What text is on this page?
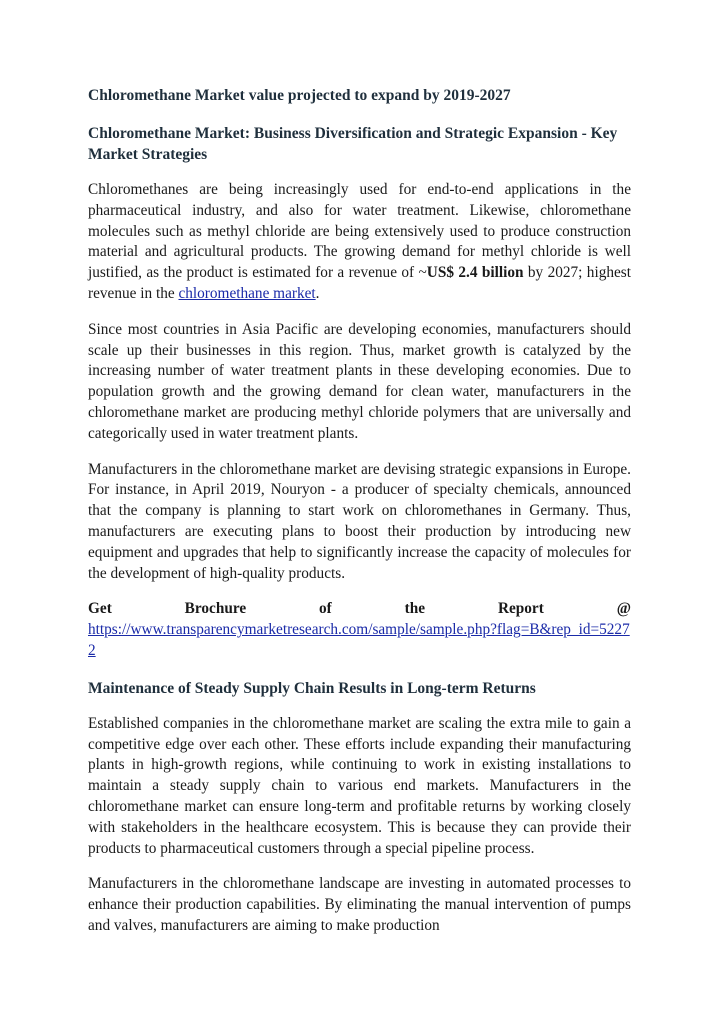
Chloromethane Market value projected to expand by 2019-2027
Chloromethane Market: Business Diversification and Strategic Expansion - Key Market Strategies

Chloromethanes are being increasingly used for end-to-end applications in the pharmaceutical industry, and also for water treatment. Likewise, chloromethane molecules such as methyl chloride are being extensively used to produce construction material and agricultural products. The growing demand for methyl chloride is well justified, as the product is estimated for a revenue of ~US$ 2.4 billion by 2027; highest revenue in the chloromethane market.

Since most countries in Asia Pacific are developing economies, manufacturers should scale up their businesses in this region. Thus, market growth is catalyzed by the increasing number of water treatment plants in these developing economies. Due to population growth and the growing demand for clean water, manufacturers in the chloromethane market are producing methyl chloride polymers that are universally and categorically used in water treatment plants.

Manufacturers in the chloromethane market are devising strategic expansions in Europe. For instance, in April 2019, Nouryon - a producer of specialty chemicals, announced that the company is planning to start work on chloromethanes in Germany. Thus, manufacturers are executing plans to boost their production by introducing new equipment and upgrades that help to significantly increase the capacity of molecules for the development of high-quality products.

Get	Brochure	of	the	Report	@
https://www.transparencymarketresearch.com/sample/sample.php?flag=B&rep_id=52272
Maintenance of Steady Supply Chain Results in Long-term Returns

Established companies in the chloromethane market are scaling the extra mile to gain a competitive edge over each other. These efforts include expanding their manufacturing plants in high-growth regions, while continuing to work in existing installations to maintain a steady supply chain to various end markets. Manufacturers in the chloromethane market can ensure long-term and profitable returns by working closely with stakeholders in the healthcare ecosystem. This is because they can provide their products to pharmaceutical customers through a special pipeline process.

Manufacturers in the chloromethane landscape are investing in automated processes to enhance their production capabilities. By eliminating the manual intervention of pumps and valves, manufacturers are aiming to make production
